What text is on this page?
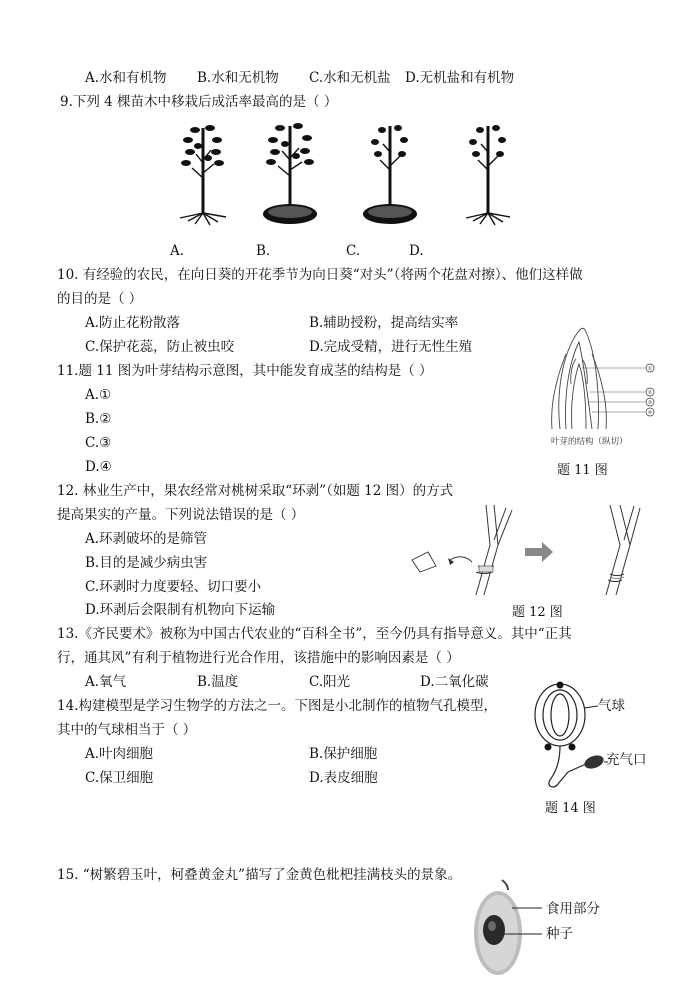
A.水和有机物 B.水和无机物 C.水和无机盐 D.无机盐和有机物
9.下列 4 棵苗木中移栽后成活率最高的是（ ）
A.	B.	C.	D.
10. 有经验的农民，在向日葵的开花季节为向日葵“对头”（将两个花盘对擦）、他们这样做
的目的是（ ）
A.防止花粉散落	B.辅助授粉，提高结实率
C.保护花蕊，防止被虫咬	D.完成受精，进行无性生殖
11.题 11 图为叶芽结构示意图，其中能发育成茎的结构是（ ）
A.①
B.②
C.③
D.④
①
②
③
④
叶芽的结构（纵切）
题 11 图
12. 林业生产中，果农经常对桃树采取“环剥”（如题 12 图）的方式
提高果实的产量。下列说法错误的是（ ）
A.环剥破坏的是筛管
B.目的是减少病虫害
C.环剥时力度要轻、切口要小
D.环剥后会限制有机物向下运输	题 12 图
13.《齐民要术》被称为中国古代农业的“百科全书”，至今仍具有指导意义。其中“正其
行，通其风”有利于植物进行光合作用，该措施中的影响因素是（ ）
A.氧气	B.温度	C.阳光	D.二氧化碳
14.构建模型是学习生物学的方法之一。下图是小北制作的植物气孔模型，
其中的气球相当于（ ）
A.叶肉细胞	B.保护细胞
C.保卫细胞	D.表皮细胞
气球
充气口
题 14 图
15. “树繁碧玉叶，柯叠黄金丸”描写了金黄色枇杷挂满枝头的景象。
食用部分
种子
